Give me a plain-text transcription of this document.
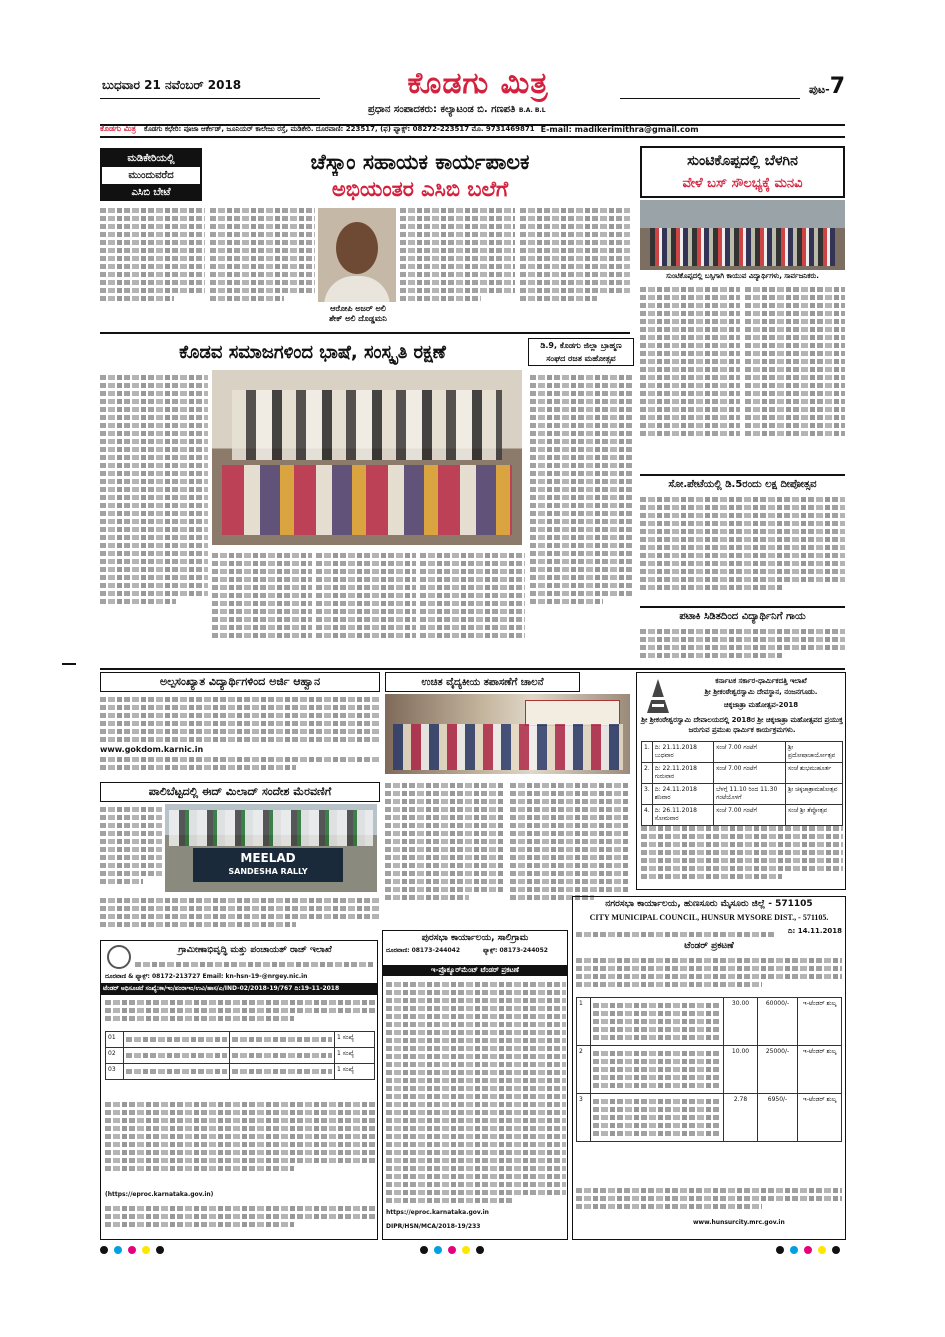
ಬುಧವಾರ 21 ನವೆಂಬರ್ 2018	ಕೊಡಗು ಮಿತ್ರ
ಪ್ರಧಾನ ಸಂಪಾದಕರು: ಕಲ್ಯಾಟಂಡ ಬಿ. ಗಣಪತಿ B.A. B.L
ಪುಟ-7
ಕೊಡಗು ಮಿತ್ರ ಕೊಡಗು ಕಛೇರಿ: ಪೂಜಾ ಆರ್ಕೇಡ್, ಜೂನಿಯರ್ ಕಾಲೇಜು ರಸ್ತೆ, ಮಡಿಕೇರಿ. ದೂರವಾಣಿ: 223517, (ಫ) ಫ್ಯಾಕ್ಸ್: 08272-223517 ಮೊ. 9731469871 E-mail: madikerimithra@gmail.com
ಮಡಿಕೇರಿಯಲ್ಲಿ
ಮುಂದುವರೆದ
ಎಸಿಬಿ ಬೇಟೆ
ಚೆಸ್ಕಾಂ ಸಹಾಯಕ ಕಾರ್ಯಪಾಲಕ
ಅಭಿಯಂತರ ಎಸಿಬಿ ಬಲೆಗೆ
ಆರೋಪಿ ಅಜರ್ ಅಲಿ
ಶೇಕ್ ಅಲಿ ದೊಡ್ಡಮನಿ
ಸುಂಟಿಕೊಪ್ಪದಲ್ಲಿ ಬೆಳಗಿನ
ವೇಳೆ ಬಸ್ ಸೌಲಭ್ಯಕ್ಕೆ ಮನವಿ
ಸುಂಟಿಕೊಪ್ಪದಲ್ಲಿ ಬಸ್ಸಿಗಾಗಿ ಕಾಯುವ ವಿದ್ಯಾರ್ಥಿಗಳು, ಸಾರ್ವಜನಿಕರು.
ಕೊಡವ ಸಮಾಜಗಳಿಂದ ಭಾಷೆ, ಸಂಸ್ಕೃತಿ ರಕ್ಷಣೆ	ಡಿ.9, ಕೊಡಗು ಜಿಲ್ಲಾ ಬ್ರಾಹ್ಮಣ
ಸಂಘದ ರಜತ ಮಹೋತ್ಸವ
ಸೋ.ಪೇಟೆಯಲ್ಲಿ ಡಿ.5ರಂದು ಲಕ್ಷ ದೀಪೋತ್ಸವ
ಪಟಾಕಿ ಸಿಡಿತದಿಂದ ವಿದ್ಯಾರ್ಥಿನಿಗೆ ಗಾಯ
ಅಲ್ಪಸಂಖ್ಯಾತ ವಿದ್ಯಾರ್ಥಿಗಳಿಂದ ಅರ್ಜಿ ಆಹ್ವಾನ
www.gokdom.karnic.in
ಉಚಿತ ವೈದ್ಯಕೀಯ ತಪಾಸಣೆಗೆ ಚಾಲನೆ
ಪಾಲಿಬೆಟ್ಟದಲ್ಲಿ ಈದ್ ಮಿಲಾದ್ ಸಂದೇಶ ಮೆರವಣಿಗೆ
MEELAD
SANDESHA RALLY
ಕರ್ನಾಟಕ ಸರ್ಕಾರ-ಧಾರ್ಮಿಕದತ್ತಿ ಇಲಾಖೆ
ಶ್ರೀ ಶ್ರೀಕಂಠೇಶ್ವರಸ್ವಾಮಿ ದೇವಸ್ಥಾನ, ನಂಜನಗೂಡು.
ಚಿಕ್ಕಜಾತ್ರಾ ಮಹೋತ್ಸವ-2018
ಶ್ರೀ ಶ್ರೀಕಂಠೇಶ್ವರಸ್ವಾಮಿ ದೇವಾಲಯದಲ್ಲಿ 2018ರ ಶ್ರೀ ಚಿಕ್ಕಜಾತ್ರಾ ಮಹೋತ್ಸವದ ಪ್ರಯುಕ್ತ ಜರುಗುವ ಪ್ರಮುಖ ಧಾರ್ಮಿಕ ಕಾರ್ಯಕ್ರಮಗಳು.
1.	ದಿ: 21.11.2018 ಬುಧವಾರ	ಸಂಜೆ 7.00 ಗಂಟೆಗೆ	ಶ್ರೀ ಪ್ರದೋಷಾಚಾರ್ಯೋತ್ಸವ
2.	ದಿ: 22.11.2018 ಗುರುವಾರ	ಸಂಜೆ 7.00 ಗಂಟೆಗೆ	ಸಂಜೆ ಶುಭಮುಹೂರ್ತ
3.	ದಿ: 24.11.2018 ಶನಿವಾರ	ಬೆಳಗ್ಗೆ 11.10 ರಿಂದ 11.30 ಗಂಟೆಯೊಳಗೆ	ಶ್ರೀ ಚಿಕ್ಕಜಾತ್ರಾಮಹೋತ್ಸವ
4.	ದಿ: 26.11.2018 ಸೋಮವಾರ	ಸಂಜೆ 7.00 ಗಂಟೆಗೆ	ಸಂಜೆ ಶ್ರೀ ತೆಪ್ಪೋತ್ಸವ
ಗ್ರಾಮೀಣಾಭಿವೃದ್ಧಿ ಮತ್ತು ಪಂಚಾಯತ್ ರಾಜ್ ಇಲಾಖೆ
ದೂರವಾಣಿ & ಫ್ಯಾಕ್ಸ್: 08172-213727 Email: kn-hsn-19-@nrgey.nic.in
ಟೆಂಡರ್ ಅಧಿಸೂಚನೆ ಸಂಖ್ಯೆ:ಕಾ/ಇಂ/ಪಂರಾಇಂ/ಉವಿ/ಹಾಸ/ಎ/IND-02/2018-19/767 ದಿ:19-11-2018
01			1 ಸಂಖ್ಯೆ
02			1 ಸಂಖ್ಯೆ
03			1 ಸಂಖ್ಯೆ
(https://eproc.karnataka.gov.in)
ಪುರಸಭಾ ಕಾರ್ಯಾಲಯ, ಸಾಲಿಗ್ರಾಮ
ದೂರವಾಣಿ: 08173-244042	ಫ್ಯಾಕ್ಸ್: 08173-244052
ಇ-ಪ್ರೊಕ್ಯೂರ್‌ಮೆಂಟ್ ಟೆಂಡರ್ ಪ್ರಕಟಣೆ
https://eproc.karnataka.gov.in
DIPR/HSN/MCA/2018-19/233
ನಗರಸಭಾ ಕಾರ್ಯಾಲಯ, ಹುಣಸೂರು ಮೈಸೂರು ಜಿಲ್ಲೆ - 571105
CITY MUNICIPAL COUNCIL, HUNSUR MYSORE DIST., - 571105.
ದಿ: 14.11.2018
ಟೆಂಡರ್ ಪ್ರಕಟಣೆ
1		30.00	60000/-	ಇ-ಟೆಂಡರ್ ಶುಲ್ಕ
2		10.00	25000/-	ಇ-ಟೆಂಡರ್ ಶುಲ್ಕ
3		2.78	6950/-	ಇ-ಟೆಂಡರ್ ಶುಲ್ಕ
www.hunsurcity.mrc.gov.in
